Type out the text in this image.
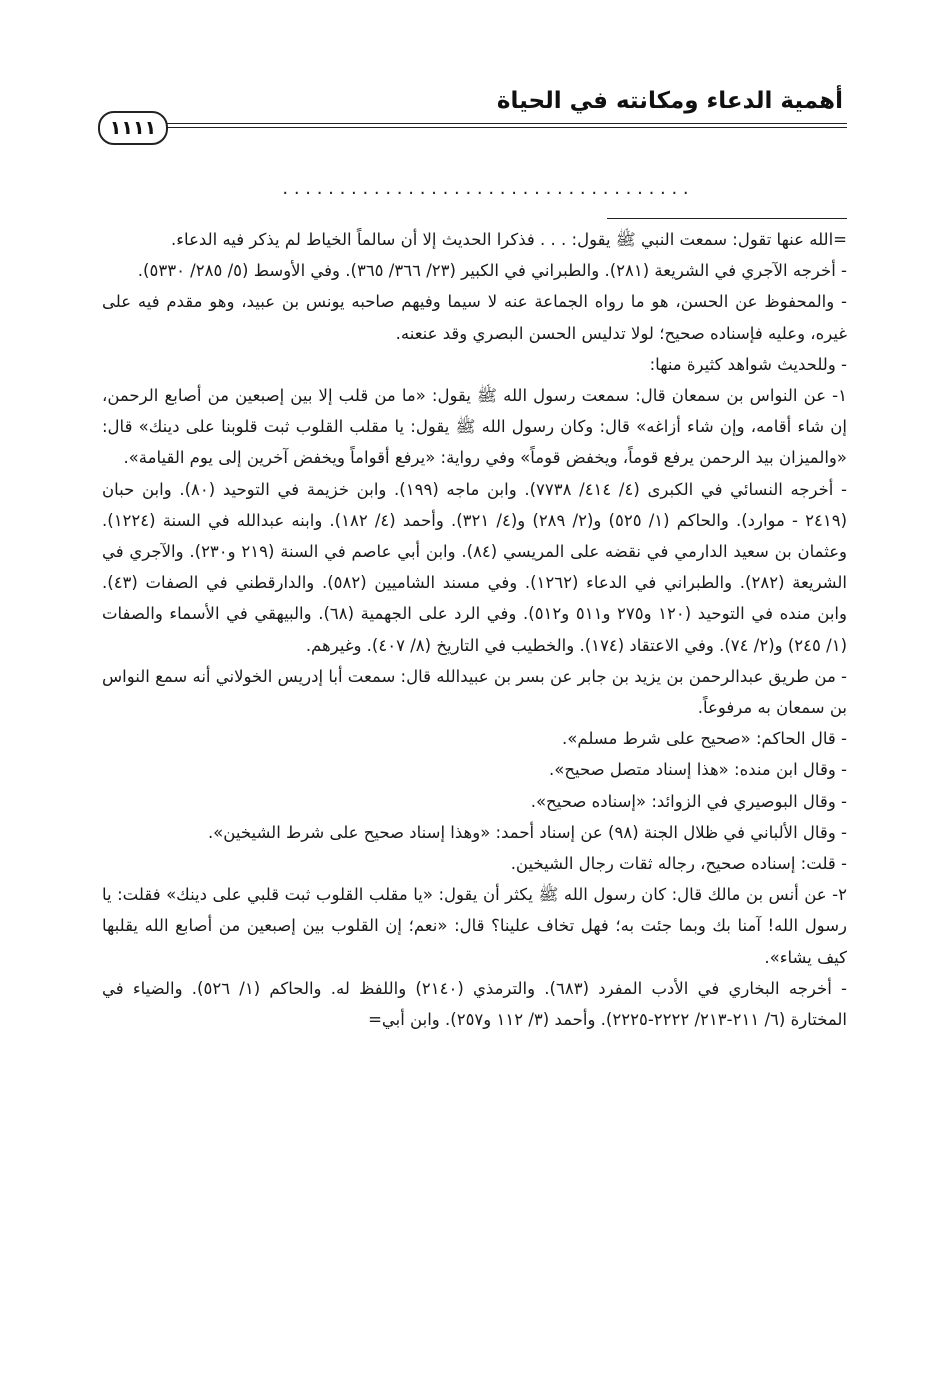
أهمية الدعاء ومكانته في الحياة
١١١١
. . . . . . . . . . . . . . . . . . . . . . . . . . . . . . . . . . . .

=الله عنها تقول: سمعت النبي ﷺ يقول: . . . فذكرا الحديث إلا أن سالماً الخياط لم يذكر فيه الدعاء.

- أخرجه الآجري في الشريعة (٢٨١). والطبراني في الكبير (٢٣/ ٣٦٦/ ٣٦٥). وفي الأوسط (٥/ ٢٨٥/ ٥٣٣٠).

- والمحفوظ عن الحسن، هو ما رواه الجماعة عنه لا سيما وفيهم صاحبه يونس بن عبيد، وهو مقدم فيه على غيره، وعليه فإسناده صحيح؛ لولا تدليس الحسن البصري وقد عنعنه.

- وللحديث شواهد كثيرة منها:

١- عن النواس بن سمعان قال: سمعت رسول الله ﷺ يقول: «ما من قلب إلا بين إصبعين من أصابع الرحمن، إن شاء أقامه، وإن شاء أزاغه» قال: وكان رسول الله ﷺ يقول: يا مقلب القلوب ثبت قلوبنا على دينك» قال: «والميزان بيد الرحمن يرفع قوماً، ويخفض قوماً» وفي رواية: «يرفع أقواماً ويخفض آخرين إلى يوم القيامة».

- أخرجه النسائي في الكبرى (٤/ ٤١٤/ ٧٧٣٨). وابن ماجه (١٩٩). وابن خزيمة في التوحيد (٨٠). وابن حبان (٢٤١٩ - موارد). والحاكم (١/ ٥٢٥) و(٢/ ٢٨٩) و(٤/ ٣٢١). وأحمد (٤/ ١٨٢). وابنه عبدالله في السنة (١٢٢٤). وعثمان بن سعيد الدارمي في نقضه على المريسي (٨٤). وابن أبي عاصم في السنة (٢١٩ و٢٣٠). والآجري في الشريعة (٢٨٢). والطبراني في الدعاء (١٢٦٢). وفي مسند الشاميين (٥٨٢). والدارقطني في الصفات (٤٣). وابن منده في التوحيد (١٢٠ و٢٧٥ و٥١١ و٥١٢). وفي الرد على الجهمية (٦٨). والبيهقي في الأسماء والصفات (١/ ٢٤٥) و(٢/ ٧٤). وفي الاعتقاد (١٧٤). والخطيب في التاريخ (٨/ ٤٠٧). وغيرهم.

- من طريق عبدالرحمن بن يزيد بن جابر عن بسر بن عبيدالله قال: سمعت أبا إدريس الخولاني أنه سمع النواس بن سمعان به مرفوعاً.

- قال الحاكم: «صحيح على شرط مسلم».

- وقال ابن منده: «هذا إسناد متصل صحيح».

- وقال البوصيري في الزوائد: «إسناده صحيح».

- وقال الألباني في ظلال الجنة (٩٨) عن إسناد أحمد: «وهذا إسناد صحيح على شرط الشيخين».

- قلت: إسناده صحيح، رجاله ثقات رجال الشيخين.

٢- عن أنس بن مالك قال: كان رسول الله ﷺ يكثر أن يقول: «يا مقلب القلوب ثبت قلبي على دينك» فقلت: يا رسول الله! آمنا بك وبما جئت به؛ فهل تخاف علينا؟ قال: «نعم؛ إن القلوب بين إصبعين من أصابع الله يقلبها كيف يشاء».

- أخرجه البخاري في الأدب المفرد (٦٨٣). والترمذي (٢١٤٠) واللفظ له. والحاكم (١/ ٥٢٦). والضياء في المختارة (٦/ ٢١١-٢١٣/ ٢٢٢٢-٢٢٢٥). وأحمد (٣/ ١١٢ و٢٥٧). وابن أبي=
